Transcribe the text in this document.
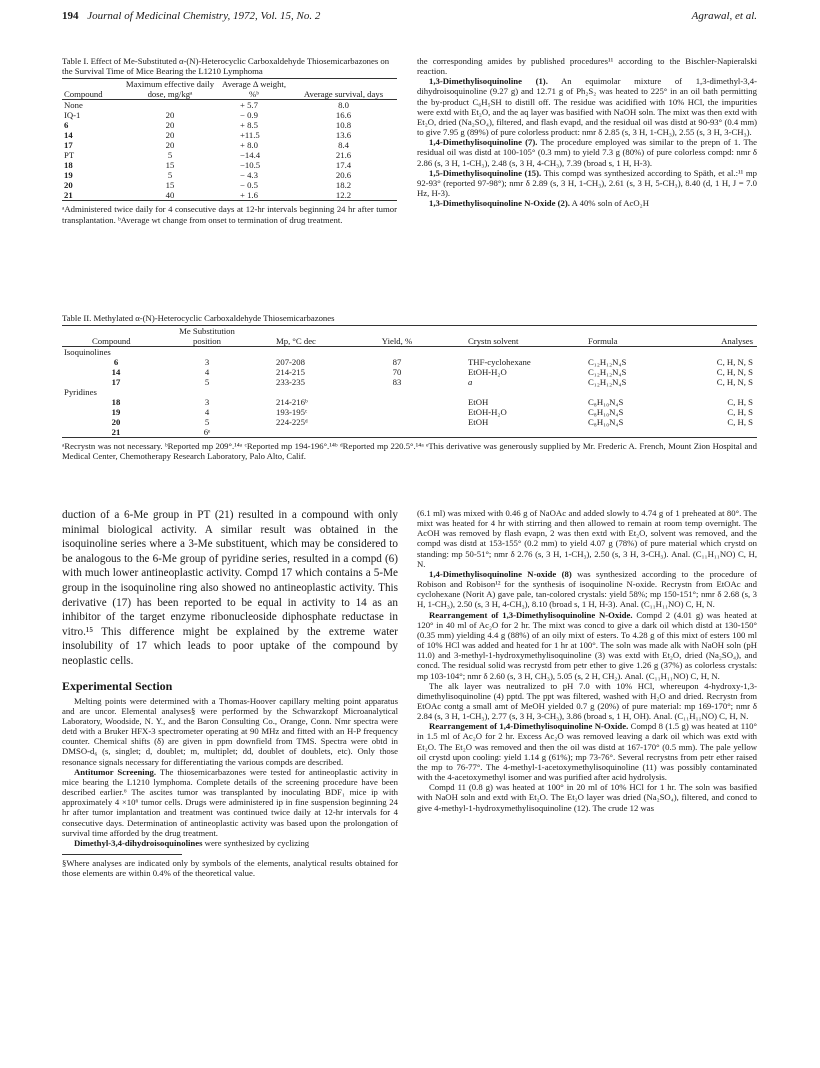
194 Journal of Medicinal Chemistry, 1972, Vol. 15, No. 2	Agrawal, et al.
Table I. Effect of Me-Substituted α-(N)-Heterocyclic Carboxaldehyde Thiosemicarbazones on the Survival Time of Mice Bearing the L1210 Lymphoma
Compound	Maximum effective daily dose, mg/kgᵃ	Average Δ weight, %ᵇ	Average survival, days
None		+ 5.7	8.0
IQ-1	20	− 0.9	16.6
6	20	+ 8.5	10.8
14	20	+11.5	13.6
17	20	+ 8.0	8.4
PT	5	−14.4	21.6
18	15	−10.5	17.4
19	5	− 4.3	20.6
20	15	− 0.5	18.2
21	40	+ 1.6	12.2
ᵃAdministered twice daily for 4 consecutive days at 12-hr intervals beginning 24 hr after tumor transplantation. ᵇAverage wt change from onset to termination of drug treatment.

the corresponding amides by published procedures¹¹ according to the Bischler-Napieralski reaction.

1,3-Dimethylisoquinoline (1). An equimolar mixture of 1,3-dimethyl-3,4-dihydroisoquinoline (9.27 g) and 12.71 g of Ph₂S₂ was heated to 225° in an oil bath permitting the by-product C₆H₅SH to distill off. The residue was acidified with 10% HCl, the impurities were extd with Et₂O, and the aq layer was basified with NaOH soln. The mixt was then extd with Et₂O, dried (Na₂SO₄), filtered, and flash evapd, and the residual oil was distd at 90-93° (0.4 mm) to give 7.95 g (89%) of pure colorless product: nmr δ 2.85 (s, 3 H, 1-CH₃), 2.55 (s, 3 H, 3-CH₃).

1,4-Dimethylisoquinoline (7). The procedure employed was similar to the prepn of 1. The residual oil was distd at 100-105° (0.3 mm) to yield 7.3 g (80%) of pure colorless compd: nmr δ 2.86 (s, 3 H, 1-CH₃), 2.48 (s, 3 H, 4-CH₃), 7.39 (broad s, 1 H, H-3).

1,5-Dimethylisoquinoline (15). This compd was synthesized according to Späth, et al.:¹¹ mp 92-93° (reported 97-98°); nmr δ 2.89 (s, 3 H, 1-CH₃), 2.61 (s, 3 H, 5-CH₃), 8.40 (d, 1 H, J = 7.0 Hz, H-3).

1,3-Dimethylisoquinoline N-Oxide (2). A 40% soln of AcO₂H

Table II. Methylated α-(N)-Heterocyclic Carboxaldehyde Thiosemicarbazones
Compound	Me Substitution position	Mp, °C dec	Yield, %	Crystn solvent	Formula	Analyses
Isoquinolines						
6	3	207-208	87	THF-cyclohexane	C₁₂H₁₂N₄S	C, H, N, S
14	4	214-215	70	EtOH-H₂O	C₁₂H₁₂N₄S	C, H, N, S
17	5	233-235	83	a	C₁₂H₁₂N₄S	C, H, N, S
Pyridines						
18	3	214-216ᵇ		EtOH	C₈H₁₀N₄S	C, H, S
19	4	193-195ᶜ		EtOH-H₂O	C₈H₁₀N₄S	C, H, S
20	5	224-225ᵈ		EtOH	C₈H₁₀N₄S	C, H, S
21	6ᵉ					
ᵃRecrystn was not necessary. ᵇReported mp 209°.¹⁴ᵃ ᶜReported mp 194-196°.¹⁴ᵇ ᵈReported mp 220.5°.¹⁴ᵃ ᵉThis derivative was generously supplied by Mr. Frederic A. French, Mount Zion Hospital and Medical Center, Chemotherapy Research Laboratory, Palo Alto, Calif.

duction of a 6-Me group in PT (21) resulted in a compound with only minimal biological activity. A similar result was obtained in the isoquinoline series where a 3-Me substituent, which may be considered to be analogous to the 6-Me group of pyridine series, resulted in a compd (6) with much lower antineoplastic activity. Compd 17 which contains a 5-Me group in the isoquinoline ring also showed no antineoplastic activity. This derivative (17) has been reported to be equal in activity to 14 as an inhibitor of the target enzyme ribonucleoside diphosphate reductase in vitro.¹⁵ This difference might be explained by the extreme water insolubility of 17 which leads to poor uptake of the compound by neoplastic cells.

Experimental Section

Melting points were determined with a Thomas-Hoover capillary melting point apparatus and are uncor. Elemental analyses§ were performed by the Schwarzkopf Microanalytical Laboratory, Woodside, N. Y., and the Baron Consulting Co., Orange, Conn. Nmr spectra were detd with a Bruker HFX-3 spectrometer operating at 90 MHz and fitted with an H-P frequency counter. Chemical shifts (δ) are given in ppm downfield from TMS. Spectra were obtd in DMSO-d₆ (s, singlet; d, doublet; m, multiplet; dd, doublet of doublets, etc). Only those resonance signals necessary for differentiating the various compds are described.

Antitumor Screening. The thiosemicarbazones were tested for antineoplastic activity in mice bearing the L1210 lymphoma. Complete details of the screening procedure have been described earlier.⁶ The ascites tumor was transplanted by inoculating BDF₁ mice ip with approximately 4 ×10⁶ tumor cells. Drugs were administered ip in fine suspension beginning 24 hr after tumor implantation and treatment was continued twice daily at 12-hr intervals for 4 consecutive days. Determination of antineoplastic activity was based upon the prolongation of survival time afforded by the drug treatment.

Dimethyl-3,4-dihydroisoquinolines were synthesized by cyclizing

§Where analyses are indicated only by symbols of the elements, analytical results obtained for those elements are within 0.4% of the theoretical value.

(6.1 ml) was mixed with 0.46 g of NaOAc and added slowly to 4.74 g of 1 preheated at 80°. The mixt was heated for 4 hr with stirring and then allowed to remain at room temp overnight. The AcOH was removed by flash evapn, 2 was then extd with Et₂O, solvent was removed, and the compd was distd at 153-155° (0.2 mm) to yield 4.07 g (78%) of pure material which crystd on standing: mp 50-51°; nmr δ 2.76 (s, 3 H, 1-CH₃), 2.50 (s, 3 H, 3-CH₃). Anal. (C₁₁H₁₁NO) C, H, N.

1,4-Dimethylisoquinoline N-oxide (8) was synthesized according to the procedure of Robison and Robison¹² for the synthesis of isoquinoline N-oxide. Recrystn from EtOAc and cyclohexane (Norit A) gave pale, tan-colored crystals: yield 58%; mp 150-151°; nmr δ 2.68 (s, 3 H, 1-CH₃), 2.50 (s, 3 H, 4-CH₃), 8.10 (broad s, 1 H, H-3). Anal. (C₁₁H₁₁NO) C, H, N.

Rearrangement of 1,3-Dimethylisoquinoline N-Oxide. Compd 2 (4.01 g) was heated at 120° in 40 ml of Ac₂O for 2 hr. The mixt was concd to give a dark oil which distd at 130-150° (0.35 mm) yielding 4.4 g (88%) of an oily mixt of esters. To 4.28 g of this mixt of esters 100 ml of 10% HCl was added and heated for 1 hr at 100°. The soln was made alk with NaOH soln (pH 11.0) and 3-methyl-1-hydroxymethylisoquinoline (3) was extd with Et₂O, dried (Na₂SO₄), and concd. The residual solid was recrystd from petr ether to give 1.26 g (37%) as colorless crystals: mp 103-104°; nmr δ 2.60 (s, 3 H, CH₃), 5.05 (s, 2 H, CH₂). Anal. (C₁₁H₁₁NO) C, H, N.

The alk layer was neutralized to pH 7.0 with 10% HCl, whereupon 4-hydroxy-1,3-dimethylisoquinoline (4) pptd. The ppt was filtered, washed with H₂O and dried. Recrystn from EtOAc contg a small amt of MeOH yielded 0.7 g (20%) of pure material: mp 169-170°; nmr δ 2.84 (s, 3 H, 1-CH₃), 2.77 (s, 3 H, 3-CH₃), 3.86 (broad s, 1 H, OH). Anal. (C₁₁H₁₁NO) C, H, N.

Rearrangement of 1,4-Dimethylisoquinoline N-Oxide. Compd 8 (1.5 g) was heated at 110° in 1.5 ml of Ac₂O for 2 hr. Excess Ac₂O was removed leaving a dark oil which was extd with Et₂O. The Et₂O was removed and then the oil was distd at 167-170° (0.5 mm). The pale yellow oil crystd upon cooling: yield 1.14 g (61%); mp 73-76°. Several recrystns from petr ether raised the mp to 76-77°. The 4-methyl-1-acetoxymethylisoquinoline (11) was possibly contaminated with the 4-acetoxymethyl isomer and was purified after acid hydrolysis.

Compd 11 (0.8 g) was heated at 100° in 20 ml of 10% HCl for 1 hr. The soln was basified with NaOH soln and extd with Et₂O. The Et₂O layer was dried (Na₂SO₄), filtered, and concd to give 4-methyl-1-hydroxymethylisoquinoline (12). The crude 12 was
